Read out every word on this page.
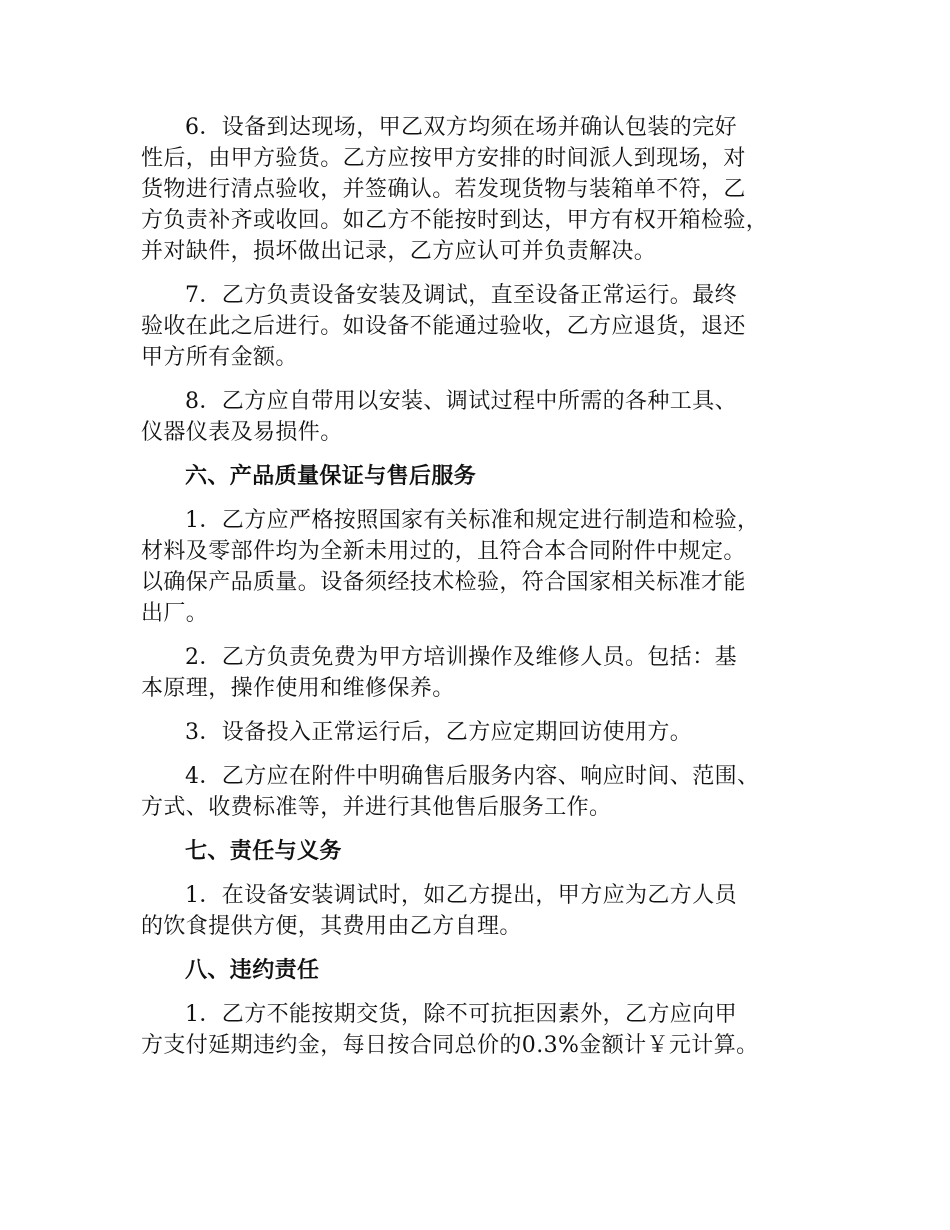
6．设备到达现场，甲乙双方均须在场并确认包装的完好
性后，由甲方验货。乙方应按甲方安排的时间派人到现场，对
货物进行清点验收，并签确认。若发现货物与装箱单不符，乙
方负责补齐或收回。如乙方不能按时到达，甲方有权开箱检验，
并对缺件，损坏做出记录，乙方应认可并负责解决。

7．乙方负责设备安装及调试，直至设备正常运行。最终
验收在此之后进行。如设备不能通过验收，乙方应退货，退还
甲方所有金额。

8．乙方应自带用以安装、调试过程中所需的各种工具、
仪器仪表及易损件。

六、产品质量保证与售后服务

1．乙方应严格按照国家有关标准和规定进行制造和检验，
材料及零部件均为全新未用过的，且符合本合同附件中规定。
以确保产品质量。设备须经技术检验，符合国家相关标准才能
出厂。

2．乙方负责免费为甲方培训操作及维修人员。包括：基
本原理，操作使用和维修保养。

3．设备投入正常运行后，乙方应定期回访使用方。

4．乙方应在附件中明确售后服务内容、响应时间、范围、
方式、收费标准等，并进行其他售后服务工作。

七、责任与义务

1．在设备安装调试时，如乙方提出，甲方应为乙方人员
的饮食提供方便，其费用由乙方自理。

八、违约责任

1．乙方不能按期交货，除不可抗拒因素外，乙方应向甲
方支付延期违约金，每日按合同总价的0.3%金额计￥元计算。
